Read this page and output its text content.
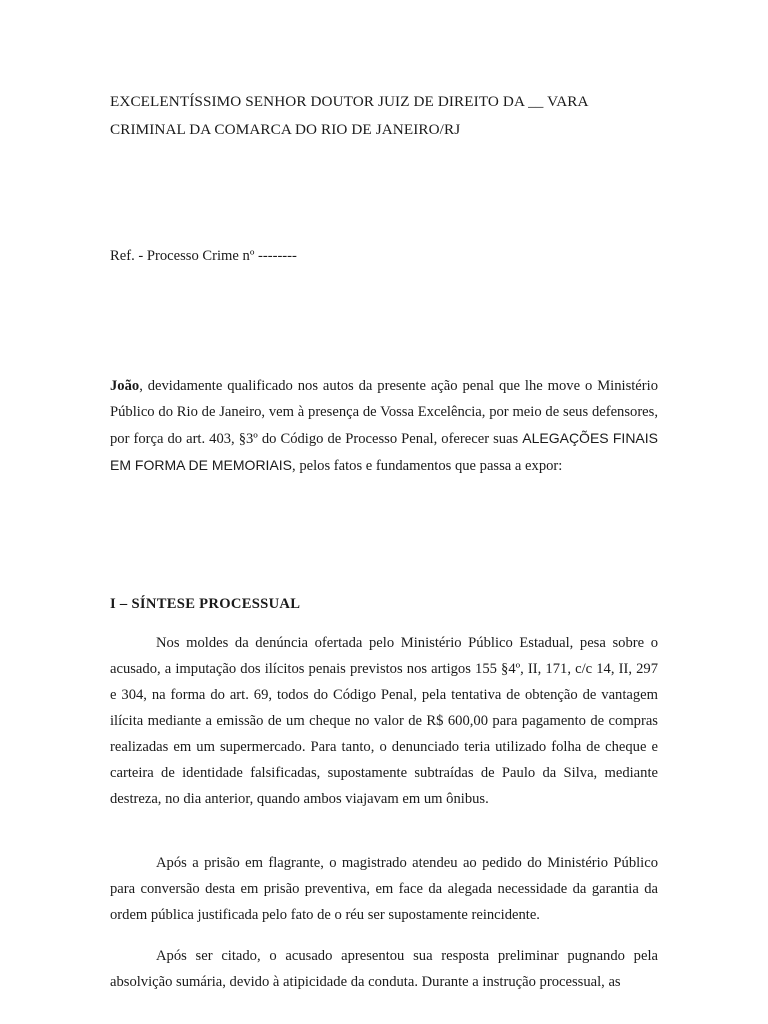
EXCELENTÍSSIMO SENHOR DOUTOR JUIZ DE DIREITO DA __ VARA
CRIMINAL DA COMARCA DO RIO DE JANEIRO/RJ
Ref. - Processo Crime nº --------
João, devidamente qualificado nos autos da presente ação penal que lhe move o Ministério Público do Rio de Janeiro, vem à presença de Vossa Excelência, por meio de seus defensores, por força do art. 403, §3º do Código de Processo Penal, oferecer suas ALEGAÇÕES FINAIS EM FORMA DE MEMORIAIS, pelos fatos e fundamentos que passa a expor:
I – SÍNTESE PROCESSUAL
Nos moldes da denúncia ofertada pelo Ministério Público Estadual, pesa sobre o acusado, a imputação dos ilícitos penais previstos nos artigos 155 §4º, II, 171, c/c 14, II, 297 e 304, na forma do art. 69, todos do Código Penal, pela tentativa de obtenção de vantagem ilícita mediante a emissão de um cheque no valor de R$ 600,00 para pagamento de compras realizadas em um supermercado. Para tanto, o denunciado teria utilizado folha de cheque e carteira de identidade falsificadas, supostamente subtraídas de Paulo da Silva, mediante destreza, no dia anterior, quando ambos viajavam em um ônibus.
Após a prisão em flagrante, o magistrado atendeu ao pedido do Ministério Público para conversão desta em prisão preventiva, em face da alegada necessidade da garantia da ordem pública justificada pelo fato de o réu ser supostamente reincidente.
Após ser citado, o acusado apresentou sua resposta preliminar pugnando pela absolvição sumária, devido à atipicidade da conduta. Durante a instrução processual, as
